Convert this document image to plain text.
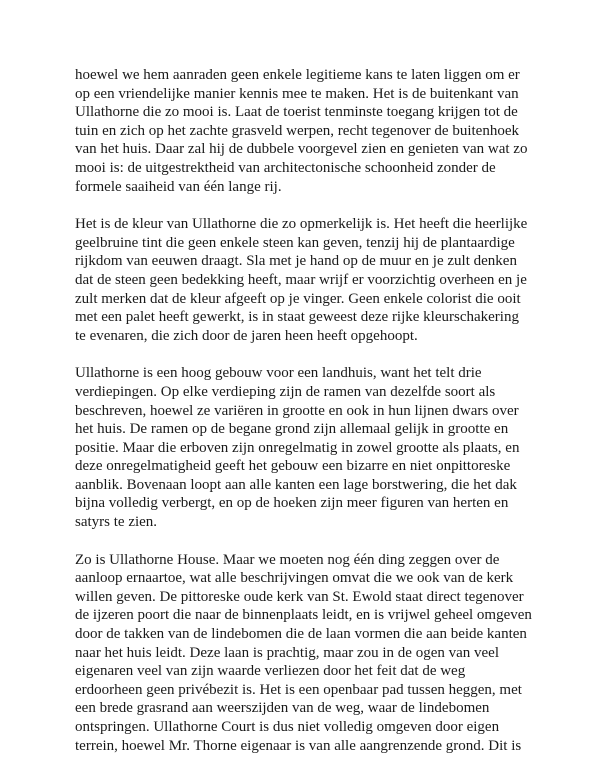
hoewel we hem aanraden geen enkele legitieme kans te laten liggen om er
op een vriendelijke manier kennis mee te maken. Het is de buitenkant van
Ullathorne die zo mooi is. Laat de toerist tenminste toegang krijgen tot de
tuin en zich op het zachte grasveld werpen, recht tegenover de buitenhoek
van het huis. Daar zal hij de dubbele voorgevel zien en genieten van wat zo
mooi is: de uitgestrektheid van architectonische schoonheid zonder de
formele saaiheid van één lange rij.

Het is de kleur van Ullathorne die zo opmerkelijk is. Het heeft die heerlijke
geelbruine tint die geen enkele steen kan geven, tenzij hij de plantaardige
rijkdom van eeuwen draagt. Sla met je hand op de muur en je zult denken
dat de steen geen bedekking heeft, maar wrijf er voorzichtig overheen en je
zult merken dat de kleur afgeeft op je vinger. Geen enkele colorist die ooit
met een palet heeft gewerkt, is in staat geweest deze rijke kleurschakering
te evenaren, die zich door de jaren heen heeft opgehoopt.

Ullathorne is een hoog gebouw voor een landhuis, want het telt drie
verdiepingen. Op elke verdieping zijn de ramen van dezelfde soort als
beschreven, hoewel ze variëren in grootte en ook in hun lijnen dwars over
het huis. De ramen op de begane grond zijn allemaal gelijk in grootte en
positie. Maar die erboven zijn onregelmatig in zowel grootte als plaats, en
deze onregelmatigheid geeft het gebouw een bizarre en niet onpittoreske
aanblik. Bovenaan loopt aan alle kanten een lage borstwering, die het dak
bijna volledig verbergt, en op de hoeken zijn meer figuren van herten en
satyrs te zien.

Zo is Ullathorne House. Maar we moeten nog één ding zeggen over de
aanloop ernaartoe, wat alle beschrijvingen omvat die we ook van de kerk
willen geven. De pittoreske oude kerk van St. Ewold staat direct tegenover
de ijzeren poort die naar de binnenplaats leidt, en is vrijwel geheel omgeven
door de takken van de lindebomen die de laan vormen die aan beide kanten
naar het huis leidt. Deze laan is prachtig, maar zou in de ogen van veel
eigenaren veel van zijn waarde verliezen door het feit dat de weg
erdoorheen geen privébezit is. Het is een openbaar pad tussen heggen, met
een brede grasrand aan weerszijden van de weg, waar de lindebomen
ontspringen. Ullathorne Court is dus niet volledig omgeven door eigen
terrein, hoewel Mr. Thorne eigenaar is van alle aangrenzende grond. Dit is
